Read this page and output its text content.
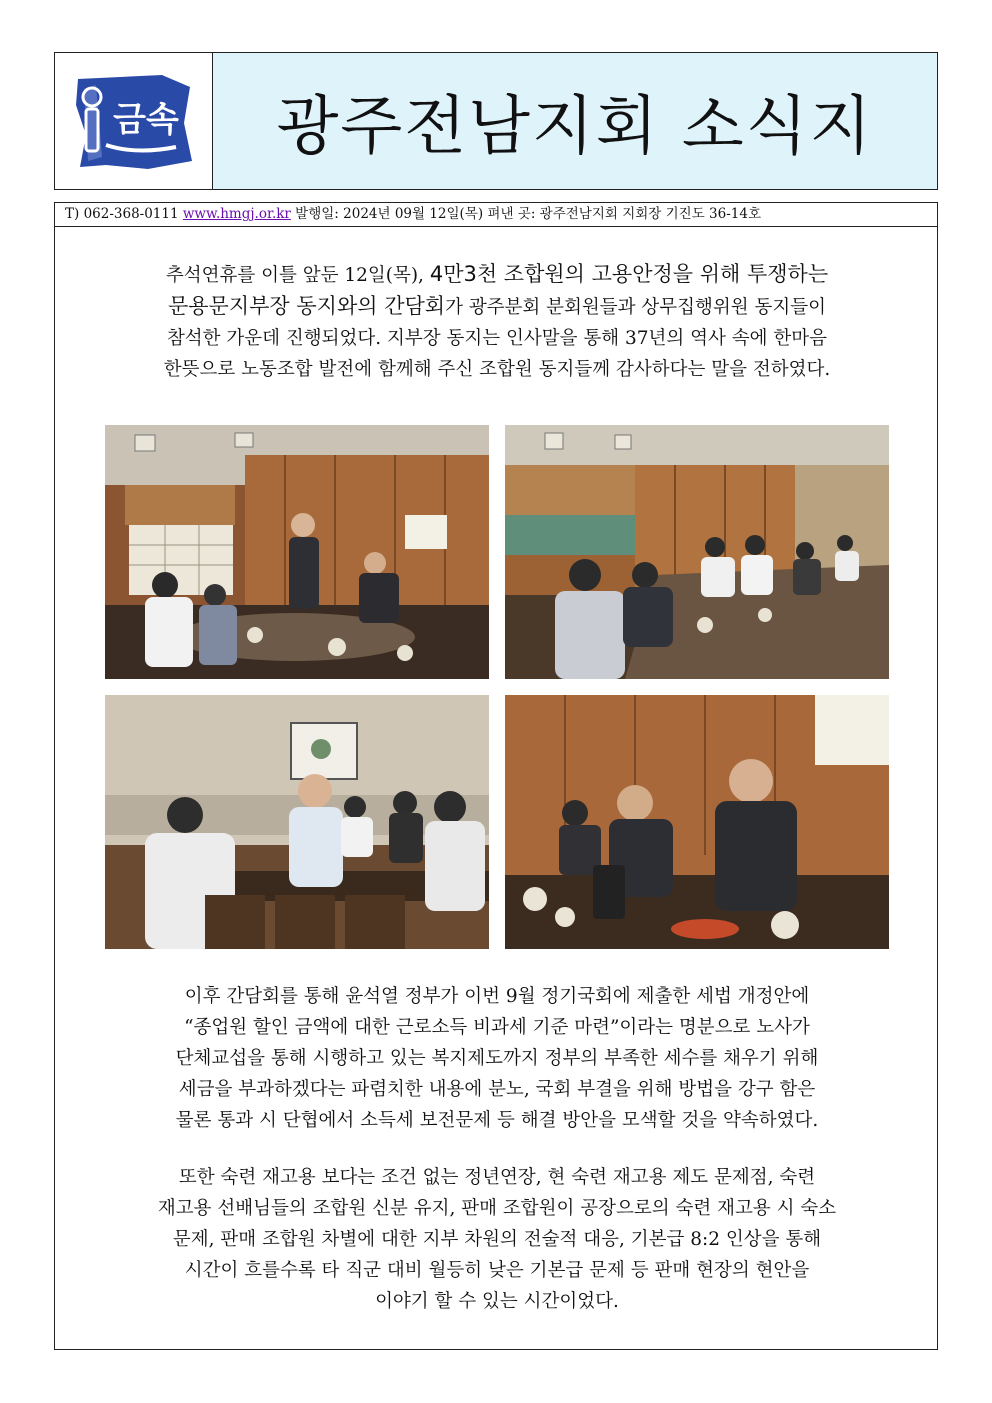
금속 광주전남지회 소식지
T) 062-368-0111 www.hmgj.or.kr 발행일: 2024년 09월 12일(목) 펴낸 곳: 광주전남지회 지회장 기진도 36-14호
추석연휴를 이틀 앞둔 12일(목), 4만3천 조합원의 고용안정을 위해 투쟁하는
문용문지부장 동지와의 간담회가 광주분회 분회원들과 상무집행위원 동지들이
참석한 가운데 진행되었다. 지부장 동지는 인사말을 통해 37년의 역사 속에 한마음
한뜻으로 노동조합 발전에 함께해 주신 조합원 동지들께 감사하다는 말을 전하였다.
이후 간담회를 통해 윤석열 정부가 이번 9월 정기국회에 제출한 세법 개정안에
“종업원 할인 금액에 대한 근로소득 비과세 기준 마련”이라는 명분으로 노사가
단체교섭을 통해 시행하고 있는 복지제도까지 정부의 부족한 세수를 채우기 위해
세금을 부과하겠다는 파렴치한 내용에 분노, 국회 부결을 위해 방법을 강구 함은
물론 통과 시 단협에서 소득세 보전문제 등 해결 방안을 모색할 것을 약속하였다.
또한 숙련 재고용 보다는 조건 없는 정년연장, 현 숙련 재고용 제도 문제점, 숙련
재고용 선배님들의 조합원 신분 유지, 판매 조합원이 공장으로의 숙련 재고용 시 숙소
문제, 판매 조합원 차별에 대한 지부 차원의 전술적 대응, 기본급 8:2 인상을 통해
시간이 흐를수록 타 직군 대비 월등히 낮은 기본급 문제 등 판매 현장의 현안을
이야기 할 수 있는 시간이었다.
